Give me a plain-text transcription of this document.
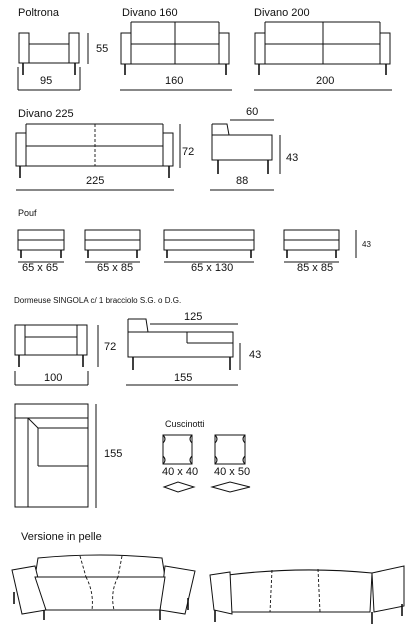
Poltrona
55
95
Divano 160
160
Divano 200
200
Divano 225
72
225
60
43
88
Pouf
65 x 65	65 x 85	65 x 130	85 x 85
43
Dormeuse SINGOLA c/ 1 bracciolo S.G. o D.G.
72
100
125
43
155
155
Cuscinotti
40 x 40 40 x 50
Versione in pelle
